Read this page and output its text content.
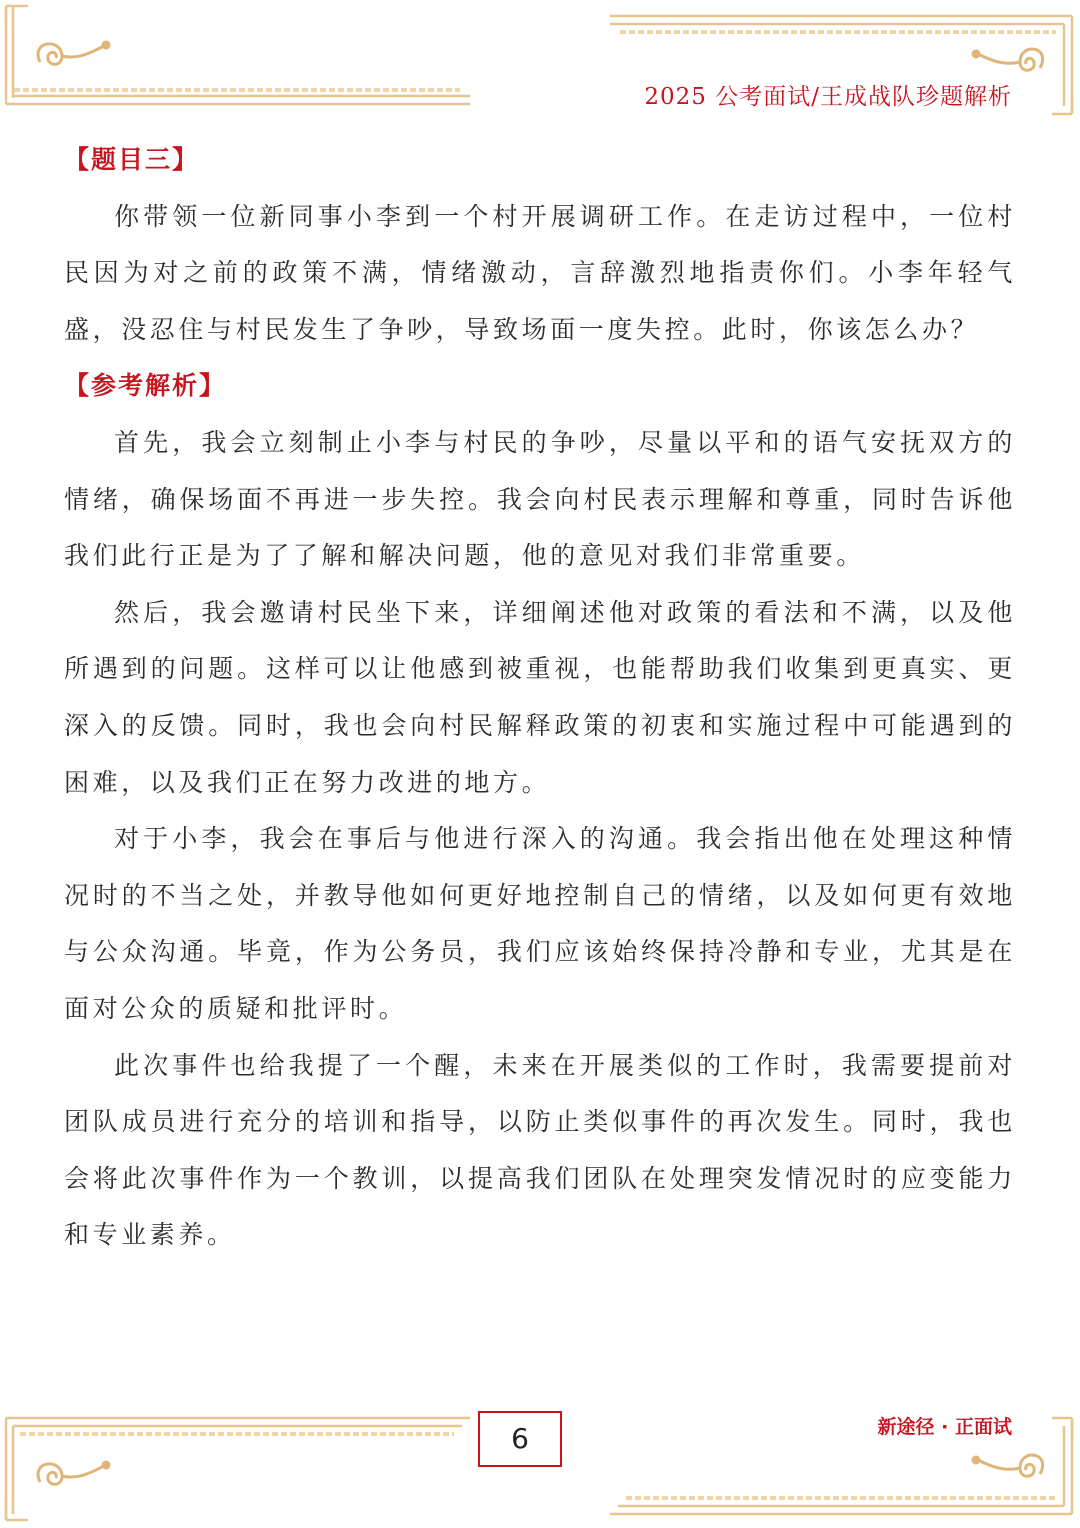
2025 公考面试/王成战队珍题解析

【题目三】

你带领一位新同事小李到一个村开展调研工作。在走访过程中，一位村民因为对之前的政策不满，情绪激动，言辞激烈地指责你们。小李年轻气盛，没忍住与村民发生了争吵，导致场面一度失控。此时，你该怎么办？

【参考解析】

首先，我会立刻制止小李与村民的争吵，尽量以平和的语气安抚双方的情绪，确保场面不再进一步失控。我会向村民表示理解和尊重，同时告诉他我们此行正是为了了解和解决问题，他的意见对我们非常重要。

然后，我会邀请村民坐下来，详细阐述他对政策的看法和不满，以及他所遇到的问题。这样可以让他感到被重视，也能帮助我们收集到更真实、更深入的反馈。同时，我也会向村民解释政策的初衷和实施过程中可能遇到的困难，以及我们正在努力改进的地方。

对于小李，我会在事后与他进行深入的沟通。我会指出他在处理这种情况时的不当之处，并教导他如何更好地控制自己的情绪，以及如何更有效地与公众沟通。毕竟，作为公务员，我们应该始终保持冷静和专业，尤其是在面对公众的质疑和批评时。

此次事件也给我提了一个醒，未来在开展类似的工作时，我需要提前对团队成员进行充分的培训和指导，以防止类似事件的再次发生。同时，我也会将此次事件作为一个教训，以提高我们团队在处理突发情况时的应变能力和专业素养。

6	新途径 · 正面试
